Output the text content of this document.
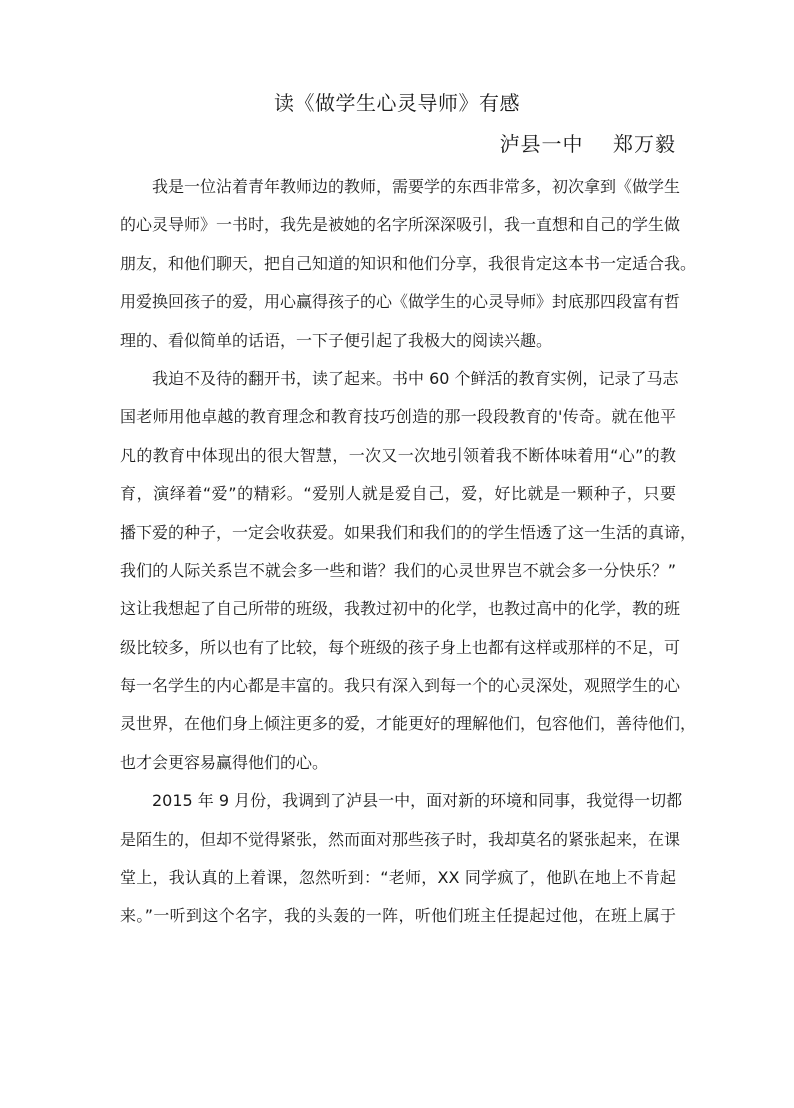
读《做学生心灵导师》有感
泸县一中    郑万毅
我是一位沾着青年教师边的教师，需要学的东西非常多，初次拿到《做学生
的心灵导师》一书时，我先是被她的名字所深深吸引，我一直想和自己的学生做
朋友，和他们聊天，把自己知道的知识和他们分享，我很肯定这本书一定适合我。
用爱换回孩子的爱，用心赢得孩子的心《做学生的心灵导师》封底那四段富有哲
理的、看似简单的话语，一下子便引起了我极大的阅读兴趣。
我迫不及待的翻开书，读了起来。书中 60 个鲜活的教育实例，记录了马志
国老师用他卓越的教育理念和教育技巧创造的那一段段教育的'传奇。就在他平
凡的教育中体现出的很大智慧，一次又一次地引领着我不断体味着用“心”的教
育，演绎着“爱”的精彩。“爱别人就是爱自己，爱，好比就是一颗种子，只要
播下爱的种子，一定会收获爱。如果我们和我们的的学生悟透了这一生活的真谛，
我们的人际关系岂不就会多一些和谐？我们的心灵世界岂不就会多一分快乐？”
这让我想起了自己所带的班级，我教过初中的化学，也教过高中的化学，教的班
级比较多，所以也有了比较，每个班级的孩子身上也都有这样或那样的不足，可
每一名学生的内心都是丰富的。我只有深入到每一个的心灵深处，观照学生的心
灵世界，在他们身上倾注更多的爱，才能更好的理解他们，包容他们，善待他们，
也才会更容易赢得他们的心。
2015 年 9 月份，我调到了泸县一中，面对新的环境和同事，我觉得一切都
是陌生的，但却不觉得紧张，然而面对那些孩子时，我却莫名的紧张起来，在课
堂上，我认真的上着课，忽然听到：“老师，XX 同学疯了，他趴在地上不肯起
来。”一听到这个名字，我的头轰的一阵，听他们班主任提起过他，在班上属于
